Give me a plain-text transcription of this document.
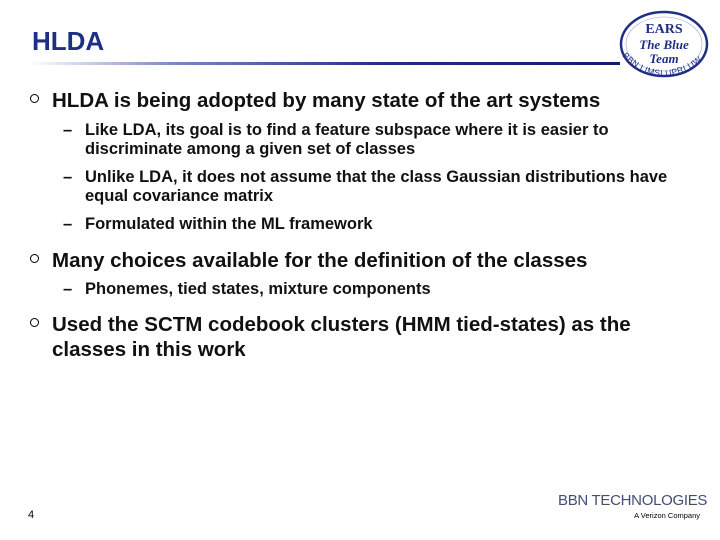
HLDA	EARS
The Blue
Team
BBN LIMSI UPRI UW
HLDA is being adopted by many state of the art systems
– Like LDA, its goal is to find a feature subspace where it is easier to discriminate among a given set of classes
– Unlike LDA, it does not assume that the class Gaussian distributions have equal covariance matrix
– Formulated within the ML framework
Many choices available for the definition of the classes
– Phonemes, tied states, mixture components
Used the SCTM codebook clusters (HMM tied-states) as the classes in this work
4
BBN TECHNOLOGIES
A Verizon Company
